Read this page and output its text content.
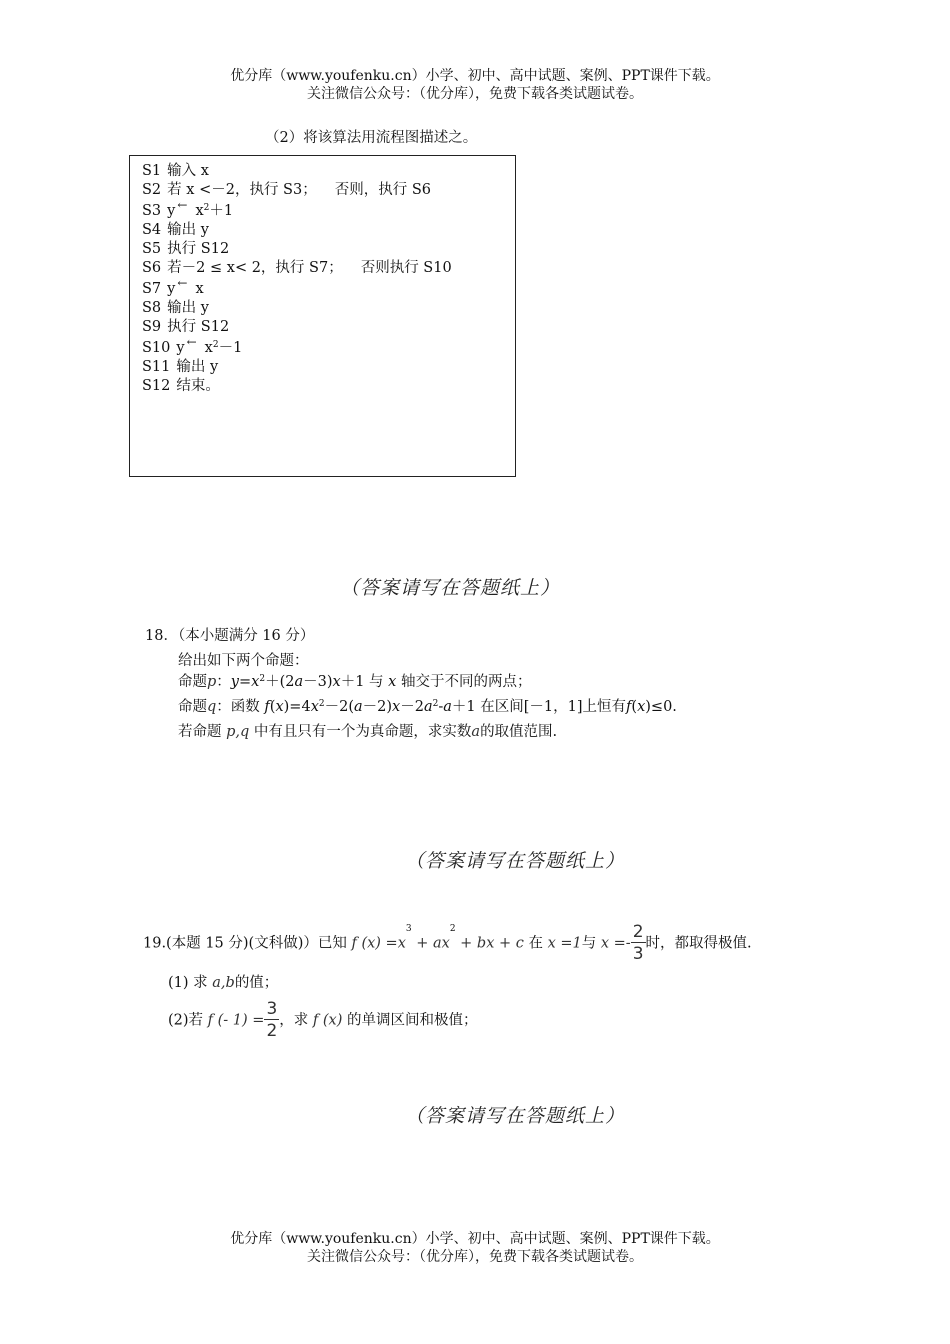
优分库（www.youfenku.cn）小学、初中、高中试题、案例、PPT课件下载。
关注微信公众号：（优分库），免费下载各类试题试卷。
（2）将该算法用流程图描述之。
S1 输入 x
S2 若 x <－2，执行 S3； 否则，执行 S6
S3 y ← $x^2+1$
S4 输出 y
S5 执行 S12
S6 若－2 ≤ x< 2，执行 S7； 否则执行 S10
S7 y ← x
S8 输出 y
S9 执行 S12
S10 y ← $x^2-1$
S11 输出 y
S12 结束。
（答案请写在答题纸上）
18．（本小题满分 16 分）
给出如下两个命题：
命题p：$y=x^2+(2a-3)x+1$ 与 x 轴交于不同的两点；
命题q：函数 $f(x)=4x^2-2(a-2)x-2a^2-a+1$ 在区间[－1，1]上恒有f(x)≤0.
若命题 p,q 中有且只有一个为真命题，求实数a的取值范围.
（答案请写在答题纸上）
19.(本题 15 分)(文科做)）已知 f $(x) =x^3 + ax^2$ + bx + c 在 x =1与 $x =- \frac{2}{3}$ 时，都取得极值.
(1) 求 a,b的值；
(2)若 f (- $1) = \frac{3}{2}$ ，求 f (x) 的单调区间和极值；
（答案请写在答题纸上）
优分库（www.youfenku.cn）小学、初中、高中试题、案例、PPT课件下载。
关注微信公众号：（优分库），免费下载各类试题试卷。
